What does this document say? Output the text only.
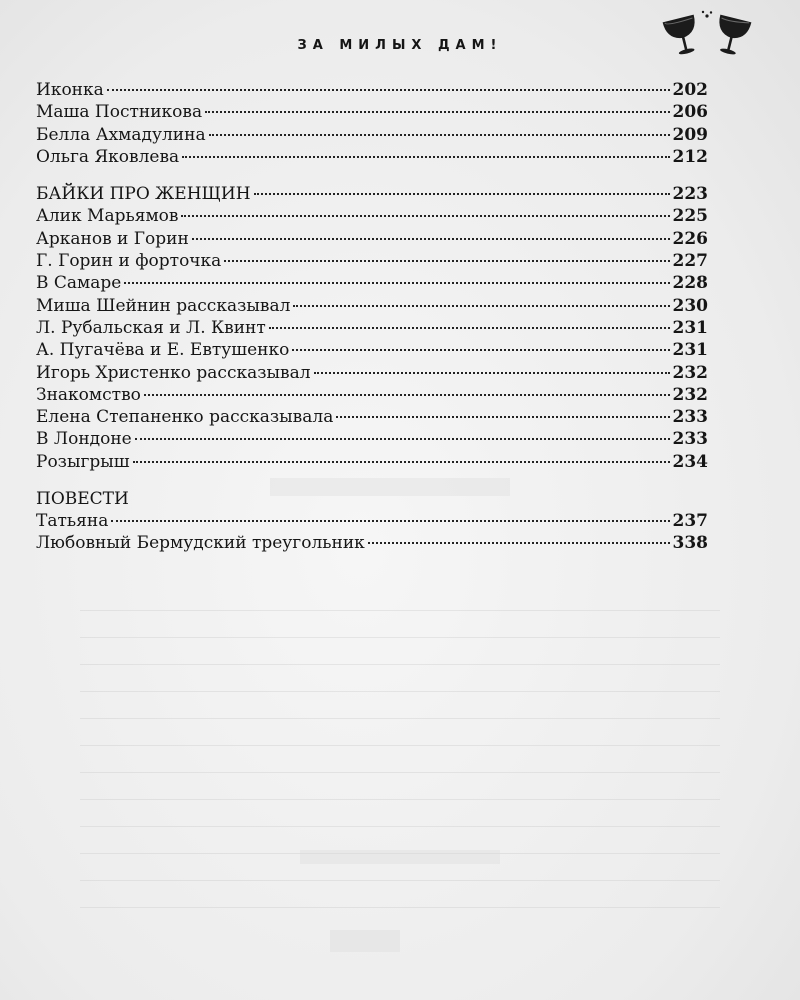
ЗА МИЛЫХ ДАМ!
Иконка	202
Маша Постникова	206
Белла Ахмадулина	209
Ольга Яковлева	212
БАЙКИ ПРО ЖЕНЩИН	223
Алик Марьямов	225
Арканов и Горин	226
Г. Горин и форточка	227
В Самаре	228
Миша Шейнин рассказывал	230
Л. Рубальская и Л. Квинт	231
А. Пугачёва и Е. Евтушенко	231
Игорь Христенко рассказывал	232
Знакомство	232
Елена Степаненко рассказывала	233
В Лондоне	233
Розыгрыш	234
ПОВЕСТИ
Татьяна	237
Любовный Бермудский треугольник	338
